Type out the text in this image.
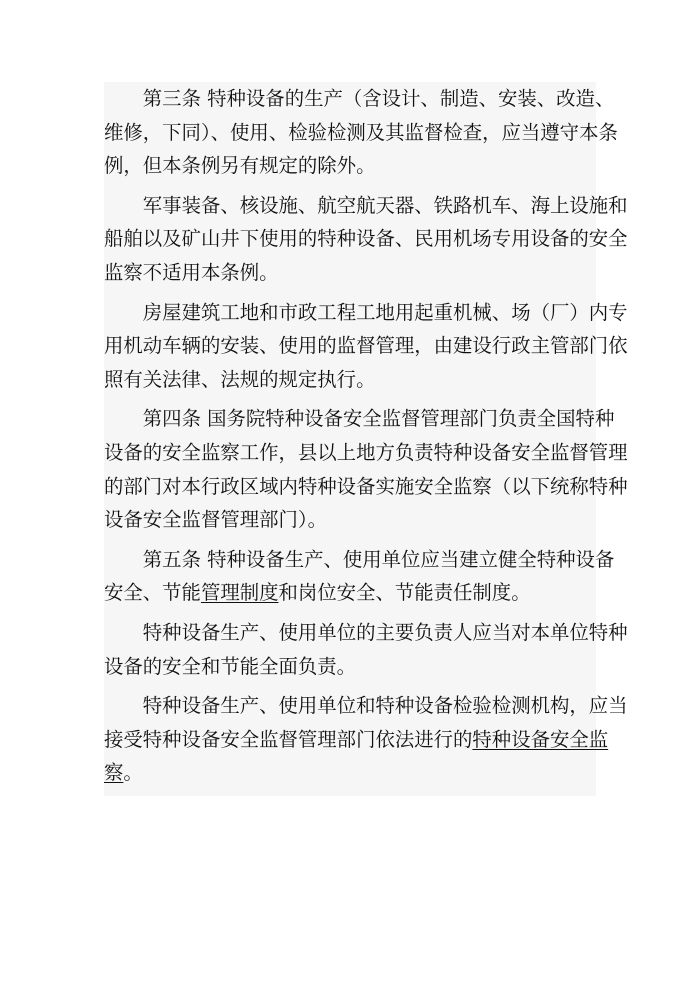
第三条 特种设备的生产（含设计、制造、安装、改造、
维修，下同）、使用、检验检测及其监督检查，应当遵守本条
例，但本条例另有规定的除外。

军事装备、核设施、航空航天器、铁路机车、海上设施和
船舶以及矿山井下使用的特种设备、民用机场专用设备的安全
监察不适用本条例。

房屋建筑工地和市政工程工地用起重机械、场（厂）内专
用机动车辆的安装、使用的监督管理，由建设行政主管部门依
照有关法律、法规的规定执行。

第四条 国务院特种设备安全监督管理部门负责全国特种
设备的安全监察工作，县以上地方负责特种设备安全监督管理
的部门对本行政区域内特种设备实施安全监察（以下统称特种
设备安全监督管理部门）。

第五条 特种设备生产、使用单位应当建立健全特种设备
安全、节能管理制度和岗位安全、节能责任制度。

特种设备生产、使用单位的主要负责人应当对本单位特种
设备的安全和节能全面负责。

特种设备生产、使用单位和特种设备检验检测机构，应当
接受特种设备安全监督管理部门依法进行的特种设备安全监
察。
